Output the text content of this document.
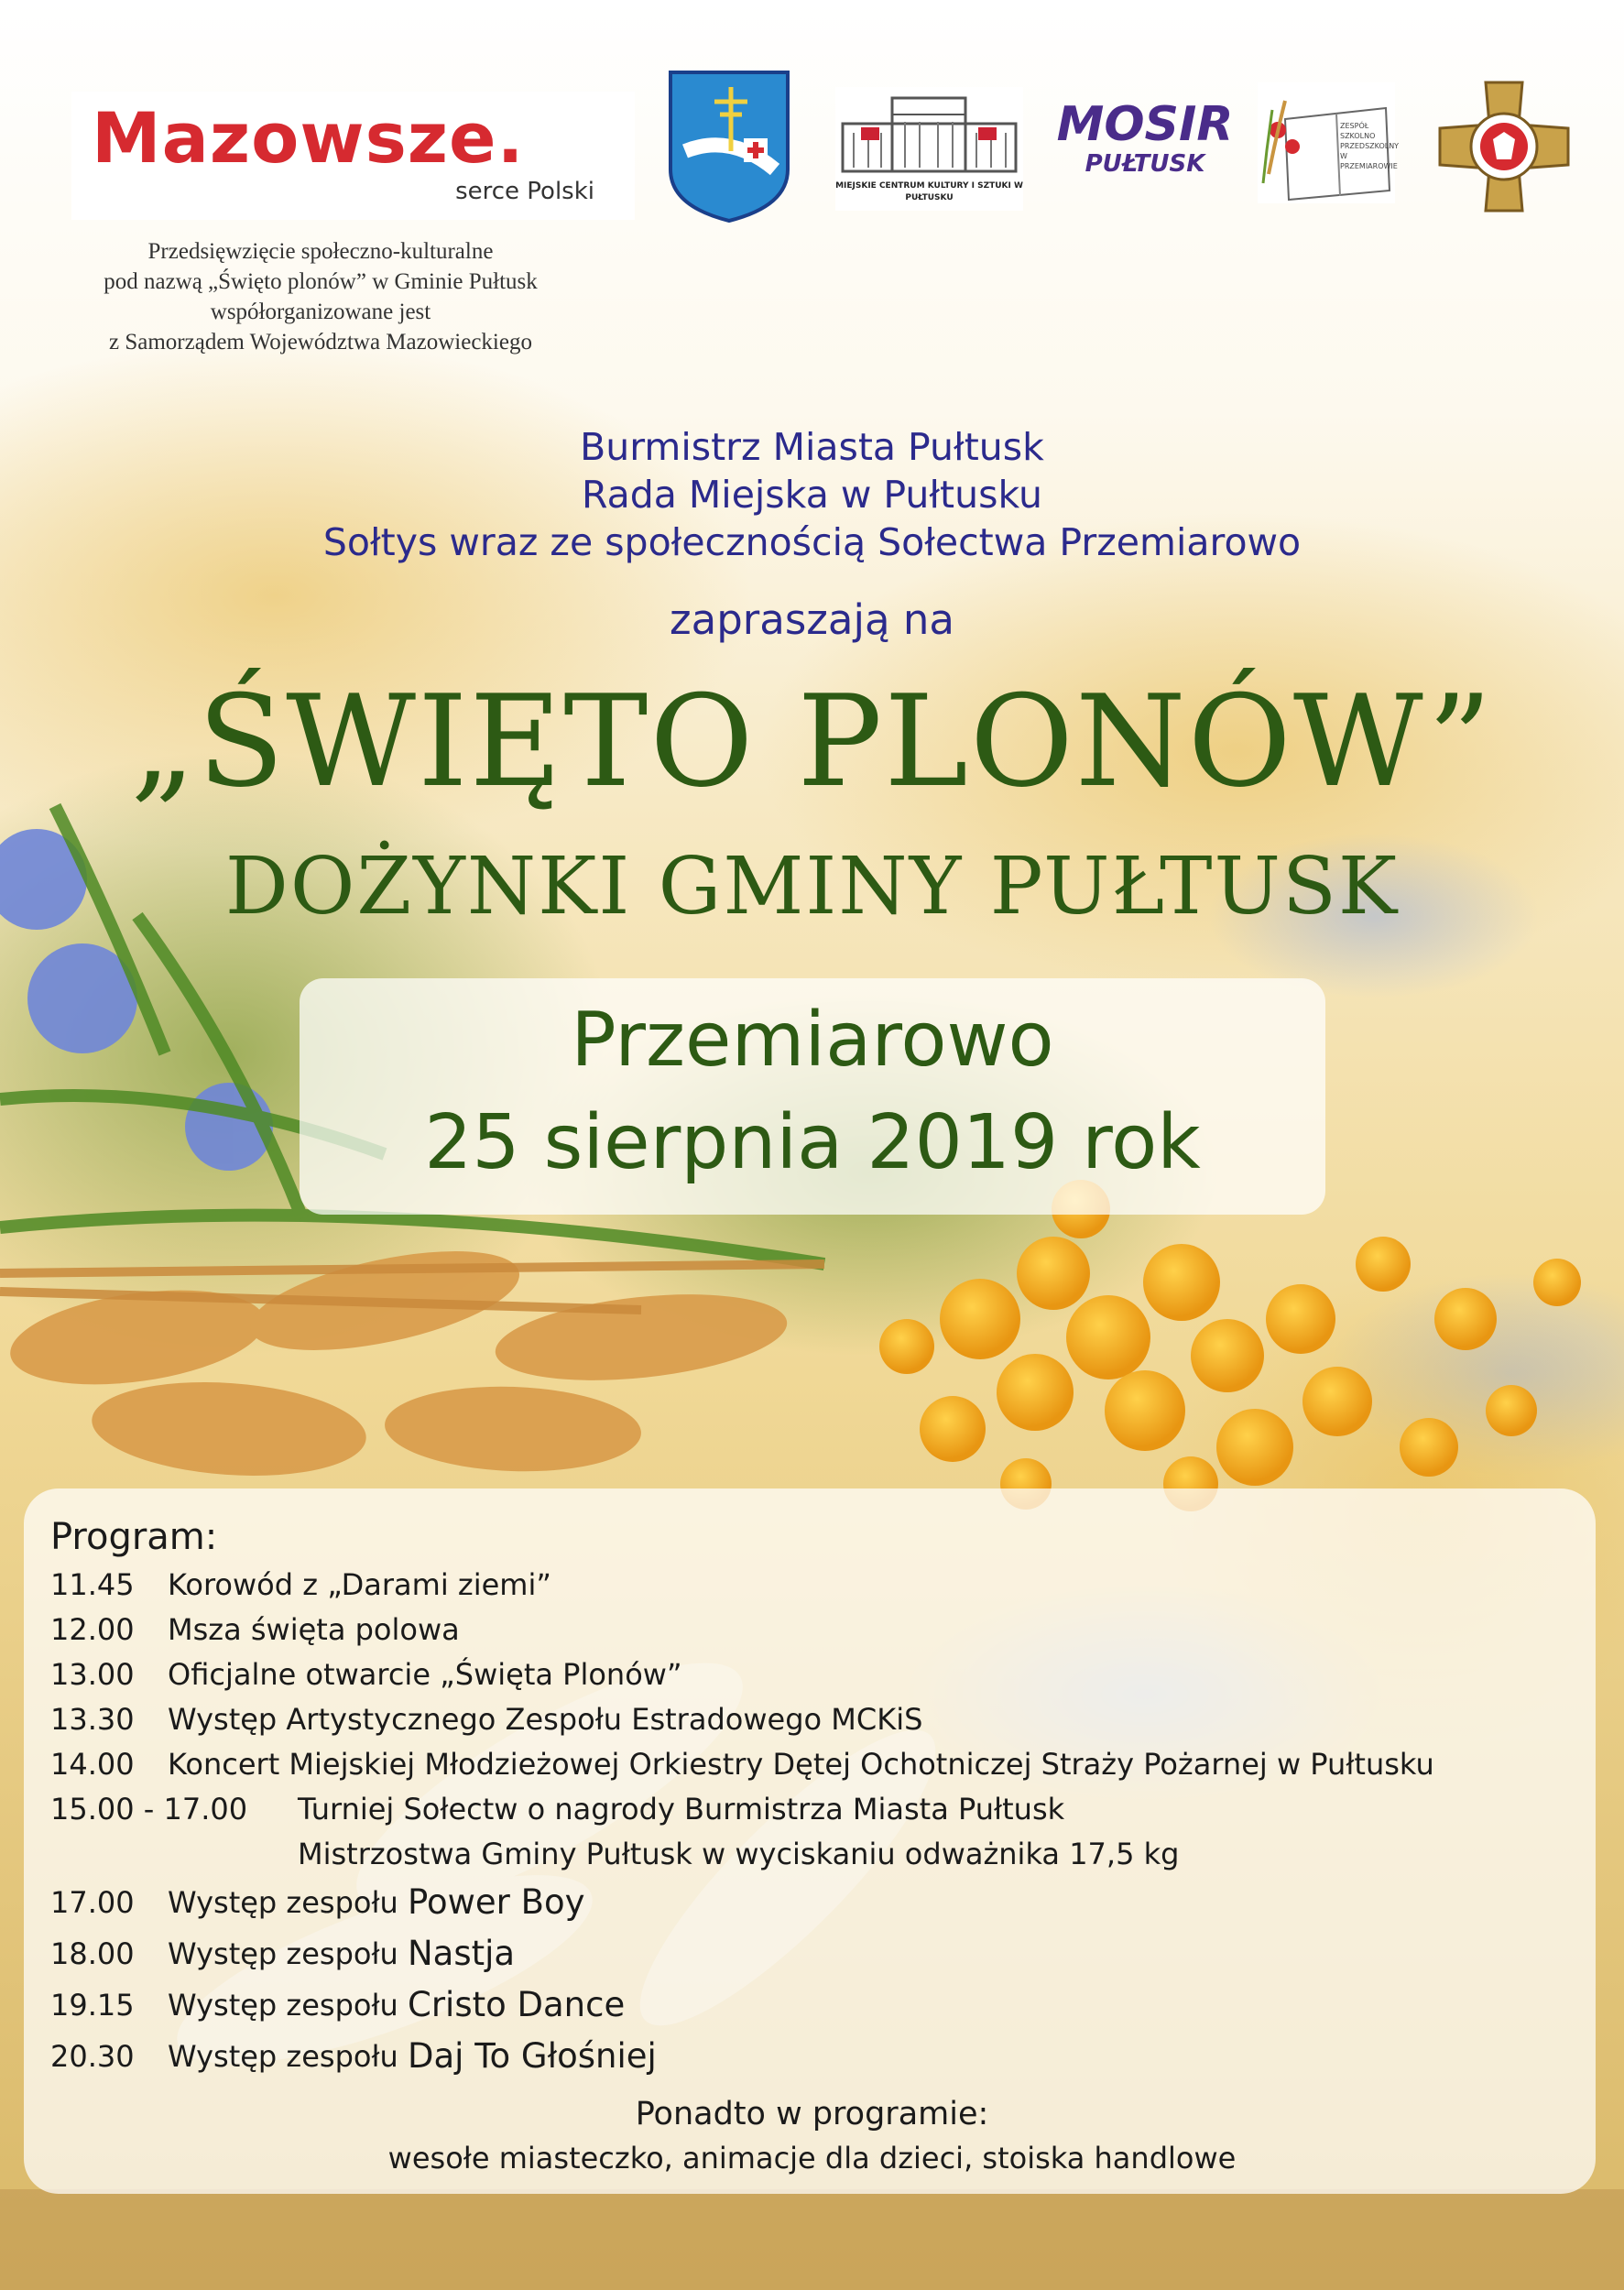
Mazowsze.
serce Polski	MIEJSKIE CENTRUM KULTURY I SZTUKI W PUŁTUSKU
MOSIR
PUŁTUSK
ZESPÓŁ SZKOLNO PRZEDSZKOLNY W PRZEMIAROWIE
Przedsięwzięcie społeczno-kulturalne
pod nazwą „Święto plonów” w Gminie Pułtusk
współorganizowane jest
z Samorządem Województwa Mazowieckiego
Burmistrz Miasta Pułtusk
Rada Miejska w Pułtusku
Sołtys wraz ze społecznością Sołectwa Przemiarowo
zapraszają na
„ŚWIĘTO PLONÓW”
DOŻYNKI GMINY PUŁTUSK
Przemiarowo
25 sierpnia 2019 rok
Program:
11.45	Korowód z „Darami ziemi”
12.00	Msza święta polowa
13.00	Oficjalne otwarcie „Święta Plonów”
13.30	Występ Artystycznego Zespołu Estradowego MCKiS
14.00	Koncert Miejskiej Młodzieżowej Orkiestry Dętej Ochotniczej Straży Pożarnej w Pułtusku
15.00 - 17.00	Turniej Sołectw o nagrody Burmistrza Miasta Pułtusk
Mistrzostwa Gminy Pułtusk w wyciskaniu odważnika 17,5 kg
17.00	Występ zespołu Power Boy
18.00	Występ zespołu Nastja
19.15	Występ zespołu Cristo Dance
20.30	Występ zespołu Daj To Głośniej
Ponadto w programie:
wesołe miasteczko, animacje dla dzieci, stoiska handlowe
